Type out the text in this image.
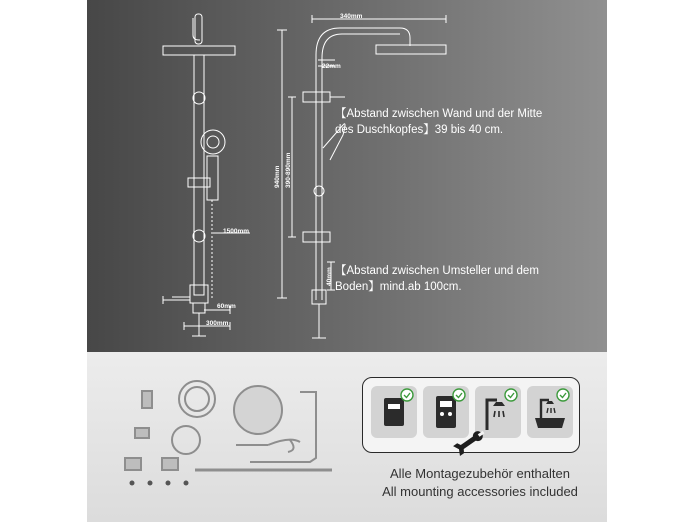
340mm
22mm
940mm 390-890mm
1500mm
60mm
300mm
40mm
【Abstand zwischen Wand und der Mitte
des Duschkopfes】39 bis 40 cm.
【Abstand zwischen Umsteller und dem
Boden】mind.ab 100cm.
Alle Montagezubehör enthalten
All mounting accessories included
